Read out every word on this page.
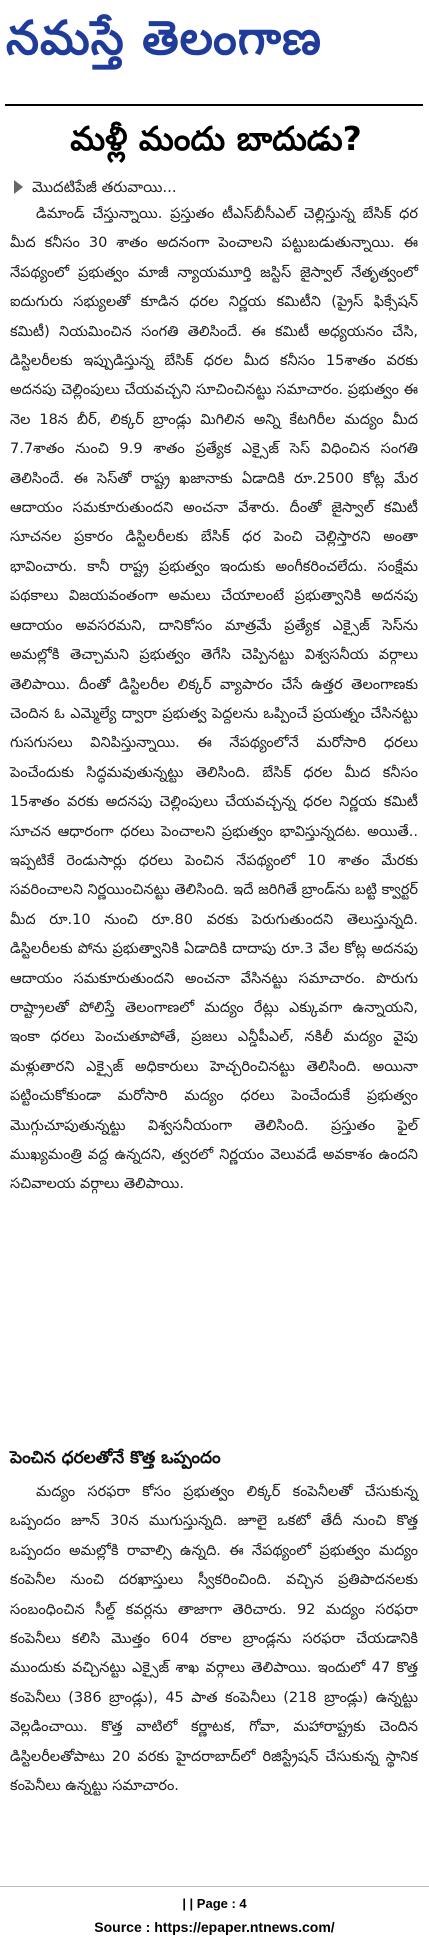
నమస్తే తెలంగాణ
మళ్లీ మందు బాదుడు?
మొదటిపేజీ తరువాయి...

డిమాండ్ చేస్తున్నాయి. ప్రస్తుతం టీఎస్‌బీసీఎల్ చెల్లిస్తున్న బేసిక్ ధర మీద కనీసం 30 శాతం అదనంగా పెంచాలని పట్టుబడుతున్నాయి. ఈ నేపథ్యంలో ప్రభుత్వం మాజీ న్యాయమూర్తి జస్టిస్ జైస్వాల్ నేతృత్వంలో ఐదుగురు సభ్యులతో కూడిన ధరల నిర్ణయ కమిటీని (ప్రైస్ ఫిక్సేషన్ కమిటీ) నియమించిన సంగతి తెలిసిందే. ఈ కమిటీ అధ్యయనం చేసి, డిస్టిలరీలకు ఇప్పుడిస్తున్న బేసిక్ ధరల మీద కనీసం 15శాతం వరకు అదనపు చెల్లింపులు చేయవచ్చని సూచించినట్టు సమాచారం. ప్రభుత్వం ఈ నెల 18న బీర్, లిక్కర్ బ్రాండ్లు మిగిలిన అన్ని కేటగిరీల మద్యం మీద 7.7శాతం నుంచి 9.9 శాతం ప్రత్యేక ఎక్సైజ్ సెస్ విధించిన సంగతి తెలిసిందే. ఈ సెస్‌తో రాష్ట్ర ఖజానాకు ఏడాదికి రూ.2500 కోట్ల మేర ఆదాయం సమకూరుతుందని అంచనా వేశారు. దీంతో జైస్వాల్ కమిటీ సూచనల ప్రకారం డిస్టిలరీలకు బేసిక్ ధర పెంచి చెల్లిస్తారని అంతా భావించారు. కానీ రాష్ట్ర ప్రభుత్వం ఇందుకు అంగీకరించలేదు. సంక్షేమ పథకాలు విజయవంతంగా అమలు చేయాలంటే ప్రభుత్వానికి అదనపు ఆదాయం అవసరమని, దానికోసం మాత్రమే ప్రత్యేక ఎక్సైజ్ సెస్‌ను అమల్లోకి తెచ్చామని ప్రభుత్వం తెగేసి చెప్పినట్టు విశ్వసనీయ వర్గాలు తెలిపాయి. దీంతో డిస్టిలరీల లిక్కర్ వ్యాపారం చేసే ఉత్తర తెలంగాణకు చెందిన ఓ ఎమ్మెల్యే ద్వారా ప్రభుత్వ పెద్దలను ఒప్పించే ప్రయత్నం చేసినట్టు గుసగుసలు వినిపిస్తున్నాయి. ఈ నేపథ్యంలోనే మరోసారి ధరలు పెంచేందుకు సిద్ధమవుతున్నట్టు తెలిసింది. బేసిక్ ధరల మీద కనీసం 15శాతం వరకు అదనపు చెల్లింపులు చేయవచ్చన్న ధరల నిర్ణయ కమిటీ సూచన ఆధారంగా ధరలు పెంచాలని ప్రభుత్వం భావిస్తున్నదట. అయితే.. ఇప్పటికే రెండుసార్లు ధరలు పెంచిన నేపథ్యంలో 10 శాతం మేరకు సవరించాలని నిర్ణయించినట్టు తెలిసింది. ఇదే జరిగితే బ్రాండ్‌ను బట్టి క్వార్టర్ మీద రూ.10 నుంచి రూ.80 వరకు పెరుగుతుందని తెలుస్తున్నది. డిస్టిలరీలకు పోను ప్రభుత్వానికి ఏడాదికి దాదాపు రూ.3 వేల కోట్ల అదనపు ఆదాయం సమకూరుతుందని అంచనా వేసినట్టు సమాచారం. పొరుగు రాష్ట్రాలతో పోలిస్తే తెలంగాణలో మద్యం రేట్లు ఎక్కువగా ఉన్నాయని, ఇంకా ధరలు పెంచుతూపోతే, ప్రజలు ఎన్డీపీఎల్, నకిలీ మద్యం వైపు మళ్లుతారని ఎక్సైజ్ అధికారులు హెచ్చరించినట్టు తెలిసింది. అయినా పట్టించుకోకుండా మరోసారి మద్యం ధరలు పెంచేందుకే ప్రభుత్వం మొగ్గుచూపుతున్నట్టు విశ్వసనీయంగా తెలిసింది. ప్రస్తుతం ఫైల్ ముఖ్యమంత్రి వద్ద ఉన్నదని, త్వరలో నిర్ణయం వెలువడే అవకాశం ఉందని సచివాలయ వర్గాలు తెలిపాయి.

పెంచిన ధరలతోనే కొత్త ఒప్పందం

మద్యం సరఫరా కోసం ప్రభుత్వం లిక్కర్ కంపెనీలతో చేసుకున్న ఒప్పందం జూన్ 30న ముగుస్తున్నది. జూలై ఒకటో తేదీ నుంచి కొత్త ఒప్పందం అమల్లోకి రావాల్సి ఉన్నది. ఈ నేపథ్యంలో ప్రభుత్వం మద్యం కంపెనీల నుంచి దరఖాస్తులు స్వీకరించింది. వచ్చిన ప్రతిపాదనలకు సంబంధించిన సీల్డ్ కవర్లను తాజాగా తెరిచారు. 92 మద్యం సరఫరా కంపెనీలు కలిసి మొత్తం 604 రకాల బ్రాండ్లను సరఫరా చేయడానికి ముందుకు వచ్చినట్టు ఎక్సైజ్ శాఖ వర్గాలు తెలిపాయి. ఇందులో 47 కొత్త కంపెనీలు (386 బ్రాండ్లు), 45 పాత కంపెనీలు (218 బ్రాండ్లు) ఉన్నట్టు వెల్లడించాయి. కొత్త వాటిలో కర్ణాటక, గోవా, మహారాష్ట్రకు చెందిన డిస్టిలరీలతోపాటు 20 వరకు హైదరాబాద్‌లో రిజిస్ట్రేషన్ చేసుకున్న స్థానిక కంపెనీలు ఉన్నట్టు సమాచారం.

| | Page : 4
Source : https://epaper.ntnews.com/
